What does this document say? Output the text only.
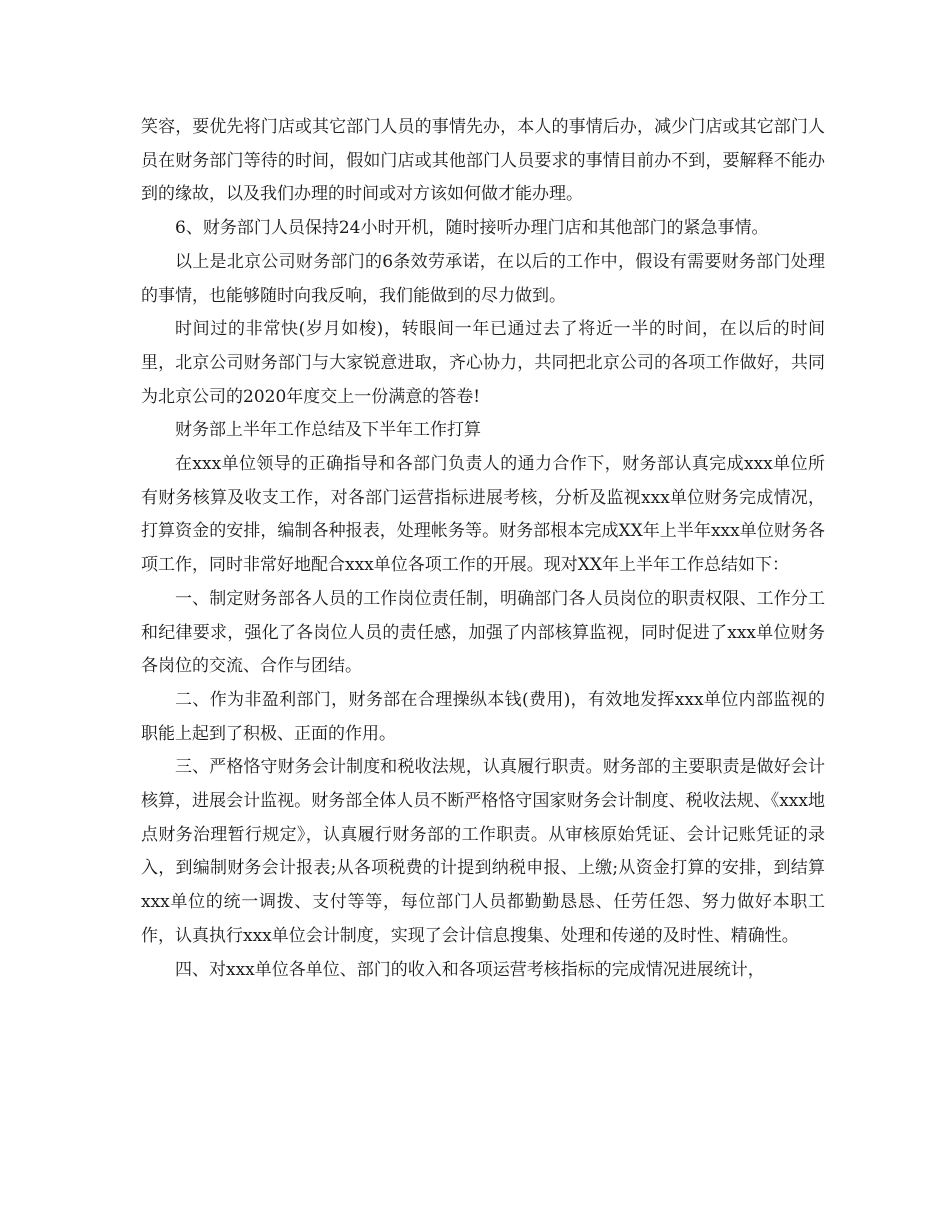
笑容，要优先将门店或其它部门人员的事情先办，本人的事情后办，减少门店或其它部门人员在财务部门等待的时间，假如门店或其他部门人员要求的事情目前办不到，要解释不能办到的缘故，以及我们办理的时间或对方该如何做才能办理。

6、财务部门人员保持24小时开机，随时接听办理门店和其他部门的紧急事情。

以上是北京公司财务部门的6条效劳承诺，在以后的工作中，假设有需要财务部门处理的事情，也能够随时向我反响，我们能做到的尽力做到。

时间过的非常快(岁月如梭)，转眼间一年已通过去了将近一半的时间，在以后的时间里，北京公司财务部门与大家锐意进取，齐心协力，共同把北京公司的各项工作做好，共同为北京公司的2020年度交上一份满意的答卷!

财务部上半年工作总结及下半年工作打算

在xxx单位领导的正确指导和各部门负责人的通力合作下，财务部认真完成xxx单位所有财务核算及收支工作，对各部门运营指标进展考核，分析及监视xxx单位财务完成情况，打算资金的安排，编制各种报表，处理帐务等。财务部根本完成XX年上半年xxx单位财务各项工作，同时非常好地配合xxx单位各项工作的开展。现对XX年上半年工作总结如下：

一、制定财务部各人员的工作岗位责任制，明确部门各人员岗位的职责权限、工作分工和纪律要求，强化了各岗位人员的责任感，加强了内部核算监视，同时促进了xxx单位财务各岗位的交流、合作与团结。

二、作为非盈利部门，财务部在合理操纵本钱(费用)，有效地发挥xxx单位内部监视的职能上起到了积极、正面的作用。

三、严格恪守财务会计制度和税收法规，认真履行职责。财务部的主要职责是做好会计核算，进展会计监视。财务部全体人员不断严格恪守国家财务会计制度、税收法规、《xxx地点财务治理暂行规定》，认真履行财务部的工作职责。从审核原始凭证、会计记账凭证的录入，到编制财务会计报表;从各项税费的计提到纳税申报、上缴;从资金打算的安排，到结算xxx单位的统一调拨、支付等等，每位部门人员都勤勤恳恳、任劳任怨、努力做好本职工作，认真执行xxx单位会计制度，实现了会计信息搜集、处理和传递的及时性、精确性。

四、对xxx单位各单位、部门的收入和各项运营考核指标的完成情况进展统计，
